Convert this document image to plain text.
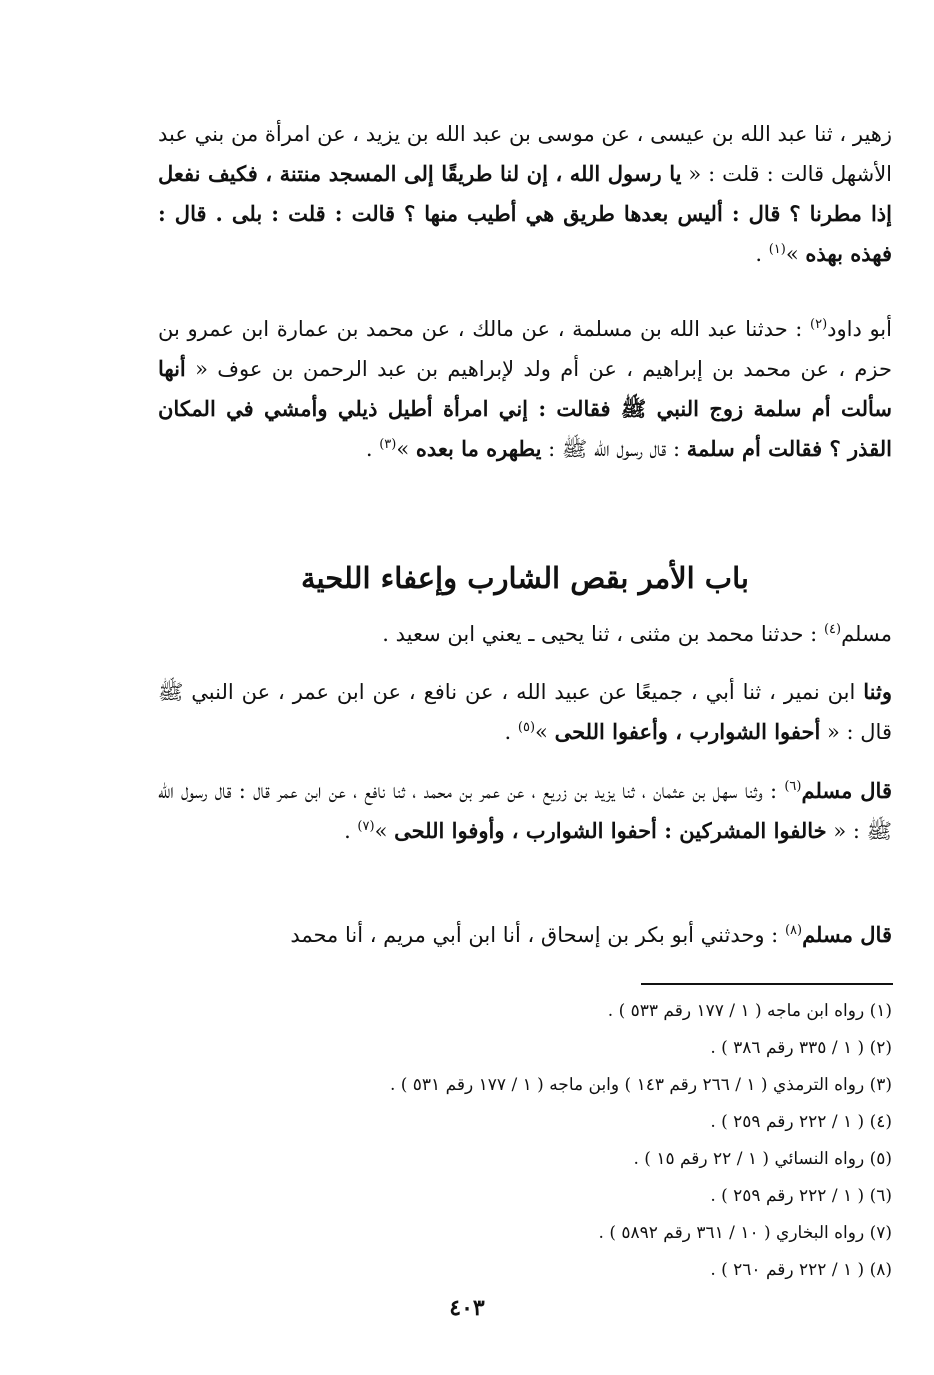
زهير ، ثنا عبد الله بن عيسى ، عن موسى بن عبد الله بن يزيد ، عن امرأة من بني عبد الأشهل قالت : قلت : « يا رسول الله ، إن لنا طريقًا إلى المسجد منتنة ، فكيف نفعل إذا مطرنا ؟ قال : أليس بعدها طريق هي أطيب منها ؟ قالت : قلت : بلى . قال : فهذه بهذه »$^{(١)}$ .

أبو داود$^{(٢)}$ : حدثنا عبد الله بن مسلمة ، عن مالك ، عن محمد بن عمارة ابن عمرو بن حزم ، عن محمد بن إبراهيم ، عن أم ولد لإبراهيم بن عبد الرحمن بن عوف « أنها سألت أم سلمة زوج النبي ﷺ فقالت : إني امرأة أطيل ذيلي وأمشي في المكان القذر ؟ فقالت أم سلمة : قال رسول الله ﷺ : يطهره ما بعده »$^{(٣)}$ .

باب الأمر بقص الشارب وإعفاء اللحية

مسلم$^{(٤)}$ : حدثنا محمد بن مثنى ، ثنا يحيى ـ يعني ابن سعيد .

وثنا ابن نمير ، ثنا أبي ، جميعًا عن عبيد الله ، عن نافع ، عن ابن عمر ، عن النبي ﷺ قال : « أحفوا الشوارب ، وأعفوا اللحى »$^{(٥)}$ .

قال مسلم$^{(٦)}$ : وثنا سهل بن عثمان ، ثنا يزيد بن زريع ، عن عمر بن محمد ، ثنا نافع ، عن ابن عمر قال : قال رسول الله ﷺ : « خالفوا المشركين : أحفوا الشوارب ، وأوفوا اللحى »$^{(٧)}$ .

قال مسلم$^{(٨)}$ : وحدثني أبو بكر بن إسحاق ، أنا ابن أبي مريم ، أنا محمد

(١) رواه ابن ماجه ( ١ / ١٧٧ رقم ٥٣٣ ) .
(٢) ( ١ / ٣٣٥ رقم ٣٨٦ ) .
(٣) رواه الترمذي ( ١ / ٢٦٦ رقم ١٤٣ ) وابن ماجه ( ١ / ١٧٧ رقم ٥٣١ ) .
(٤) ( ١ / ٢٢٢ رقم ٢٥٩ ) .
(٥) رواه النسائي ( ١ / ٢٢ رقم ١٥ ) .
(٦) ( ١ / ٢٢٢ رقم ٢٥٩ ) .
(٧) رواه البخاري ( ١٠ / ٣٦١ رقم ٥٨٩٢ ) .
(٨) ( ١ / ٢٢٢ رقم ٢٦٠ ) .
٤٠٣
